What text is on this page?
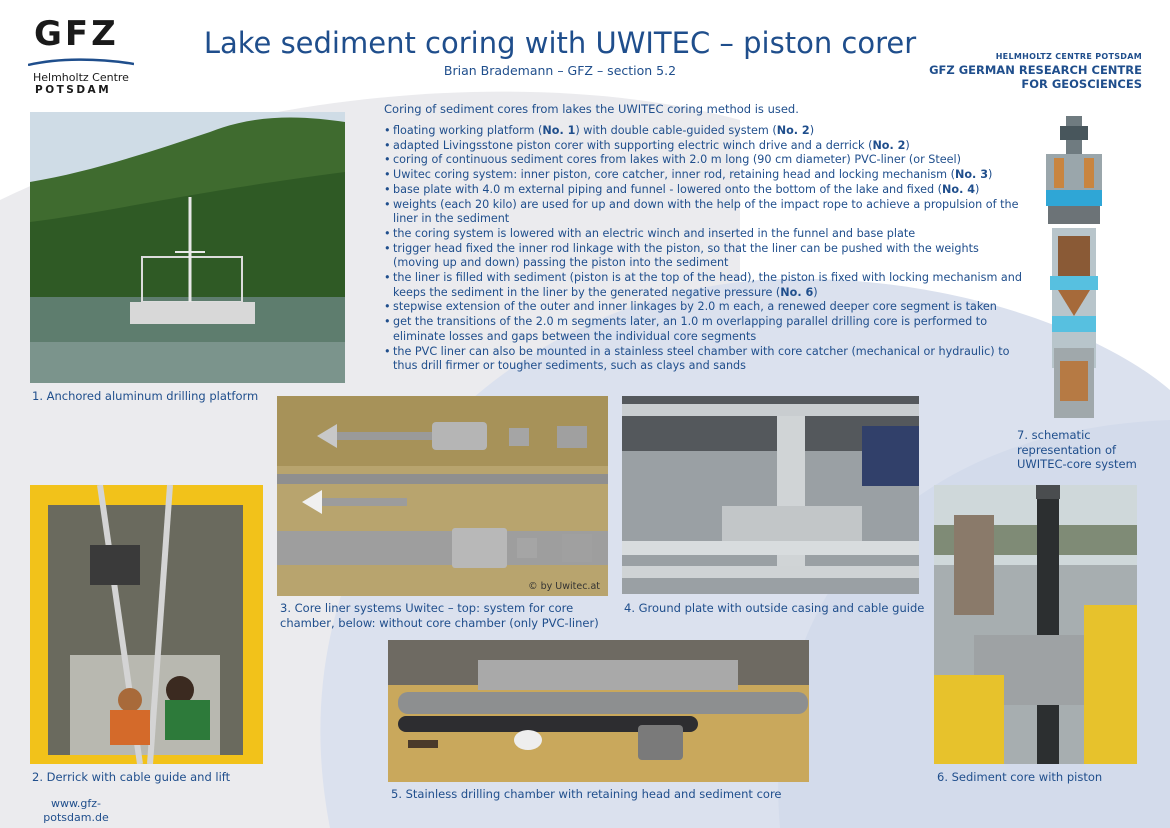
GFZ
Helmholtz Centre
POTSDAM
Lake sediment coring with UWITEC – piston corer
Brian Brademann – GFZ – section 5.2
HELMHOLTZ CENTRE POTSDAM
GFZ GERMAN RESEARCH CENTRE
FOR GEOSCIENCES
Coring of sediment cores from lakes the UWITEC coring method is used.
• floating working platform (No. 1) with double cable-guided system (No. 2)
• adapted Livingsstone piston corer with supporting electric winch drive and a derrick (No. 2)
• coring of continuous sediment cores from lakes with 2.0 m long (90 cm diameter) PVC-liner (or Steel)
• Uwitec coring system: inner piston, core catcher, inner rod, retaining head and locking mechanism (No. 3)
• base plate with 4.0 m external piping and funnel - lowered onto the bottom of the lake and fixed (No. 4)
• weights (each 20 kilo) are used for up and down with the help of the impact rope to achieve a propulsion of the liner in the sediment
• the coring system is lowered with an electric winch and inserted in the funnel and base plate
• trigger head fixed the inner rod linkage with the piston, so that the liner can be pushed with the weights (moving up and down) passing the piston into the sediment
• the liner is filled with sediment (piston is at the top of the head), the piston is fixed with locking mechanism and keeps the sediment in the liner by the generated negative pressure (No. 6)
• stepwise extension of the outer and inner linkages by 2.0 m each, a renewed deeper core segment is taken
• get the transitions of the 2.0 m segments later, an 1.0 m overlapping parallel drilling core is performed to eliminate losses and gaps between the individual core segments
• the PVC liner can also be mounted in a stainless steel chamber with core catcher (mechanical or hydraulic) to thus drill firmer or tougher sediments, such as clays and sands
1. Anchored aluminum drilling platform
2. Derrick with cable guide and lift
© by Uwitec.at
3. Core liner systems Uwitec – top: system for core chamber, below: without core chamber (only PVC-liner)
4. Ground plate with outside casing and cable guide
5. Stainless drilling chamber with retaining head and sediment core
6. Sediment core with piston
7. schematic representation of UWITEC-core system
www.gfz-potsdam.de
